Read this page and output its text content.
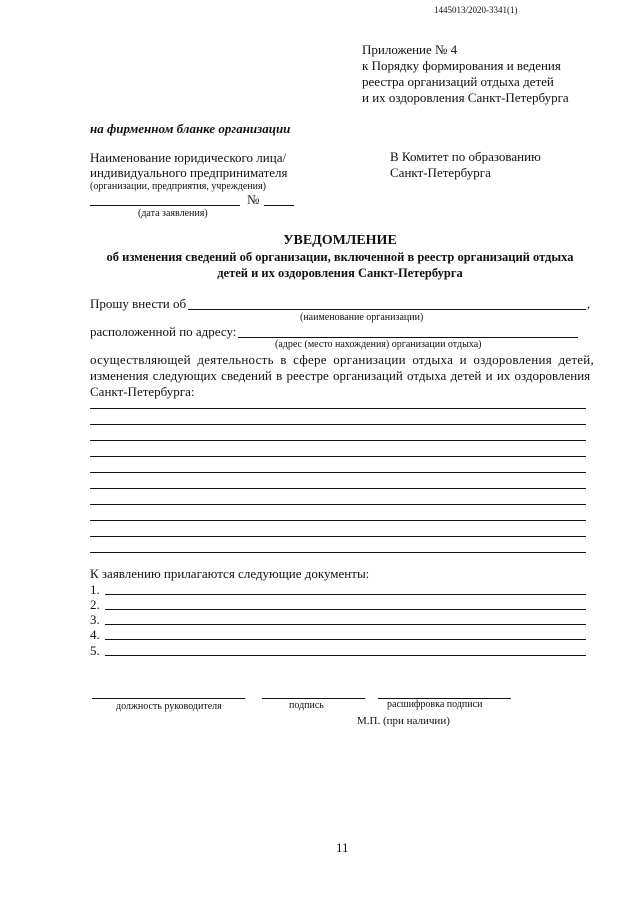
1445013/2020-3341(1)
Приложение № 4
к Порядку формирования и ведения
реестра организаций отдыха детей
и их оздоровления Санкт-Петербурга
на фирменном бланке организации
Наименование юридического лица/
индивидуального предпринимателя
(организации, предприятия, учреждения)
№
(дата заявления)
В Комитет по образованию
Санкт-Петербурга
УВЕДОМЛЕНИЕ
об изменения сведений об организации, включенной в реестр организаций отдыха
детей и их оздоровления Санкт-Петербурга
Прошу внести об	,
(наименование организации)
расположенной по адресу:
(адрес (место нахождения) организации отдыха)
осуществляющей деятельность в сфере организации отдыха и оздоровления детей,
изменения следующих сведений в реестре организаций отдыха детей и их оздоровления
Санкт-Петербурга:
К заявлению прилагаются следующие документы:
1.
2.
3.
4.
5.
должность руководителя	подпись	расшифровка подписи
М.П. (при наличии)
11
